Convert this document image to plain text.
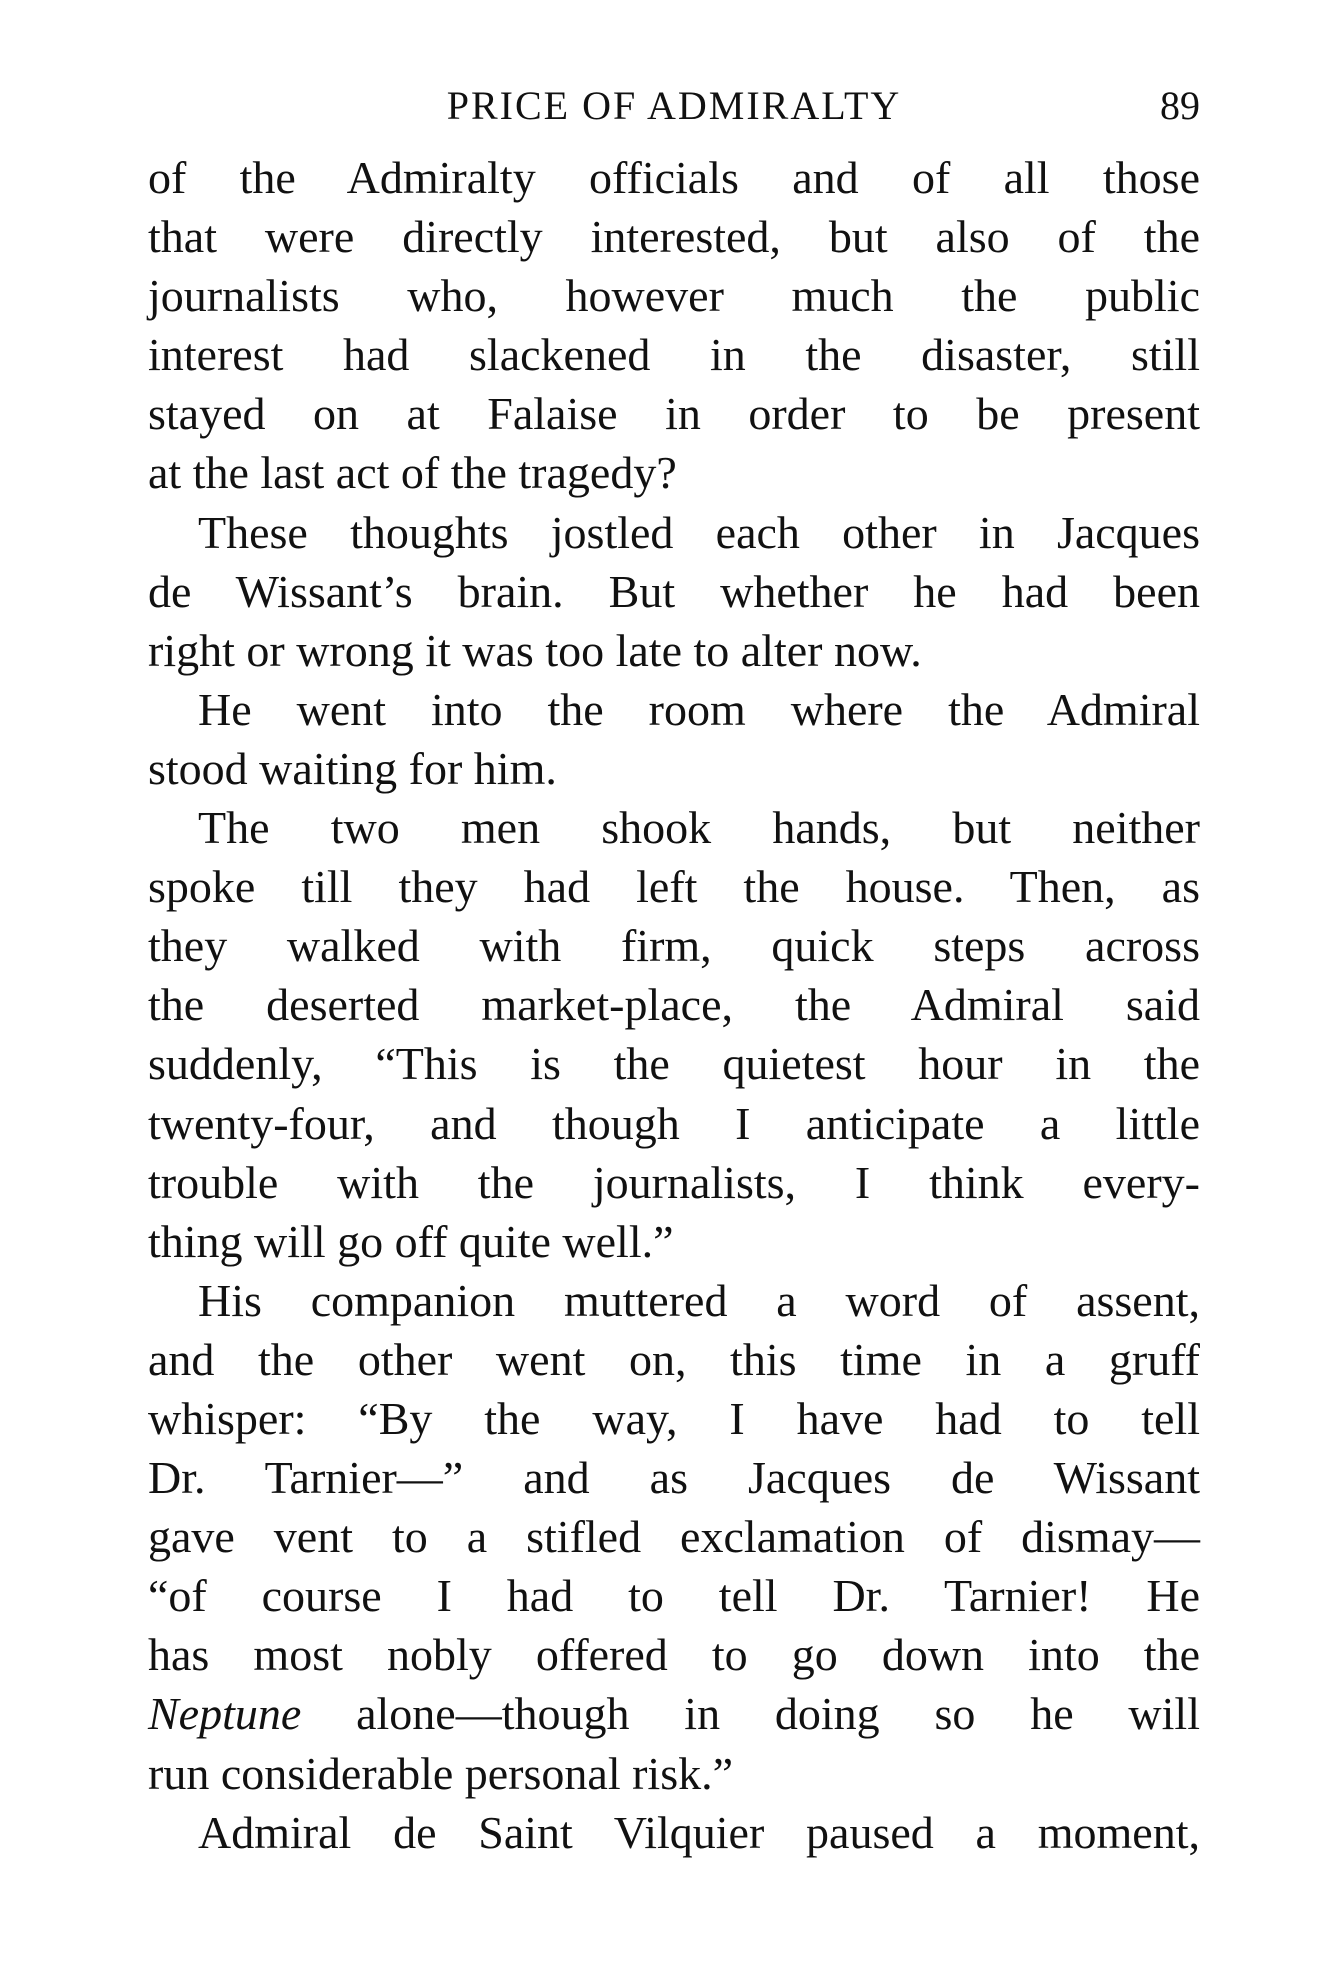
PRICE OF ADMIRALTY	89
of the Admiralty officials and of all those
that were directly interested, but also of the
journalists who, however much the public
interest had slackened in the disaster, still
stayed on at Falaise in order to be present
at the last act of the tragedy?
These thoughts jostled each other in Jacques
de Wissant’s brain. But whether he had been
right or wrong it was too late to alter now.
He went into the room where the Admiral
stood waiting for him.
The two men shook hands, but neither
spoke till they had left the house. Then, as
they walked with firm, quick steps across
the deserted market-place, the Admiral said
suddenly, “This is the quietest hour in the
twenty-four, and though I anticipate a little
trouble with the journalists, I think every-
thing will go off quite well.”
His companion muttered a word of assent,
and the other went on, this time in a gruff
whisper: “By the way, I have had to tell
Dr. Tarnier—” and as Jacques de Wissant
gave vent to a stifled exclamation of dismay—
“of course I had to tell Dr. Tarnier! He
has most nobly offered to go down into the
Neptune alone—though in doing so he will
run considerable personal risk.”
Admiral de Saint Vilquier paused a moment,
